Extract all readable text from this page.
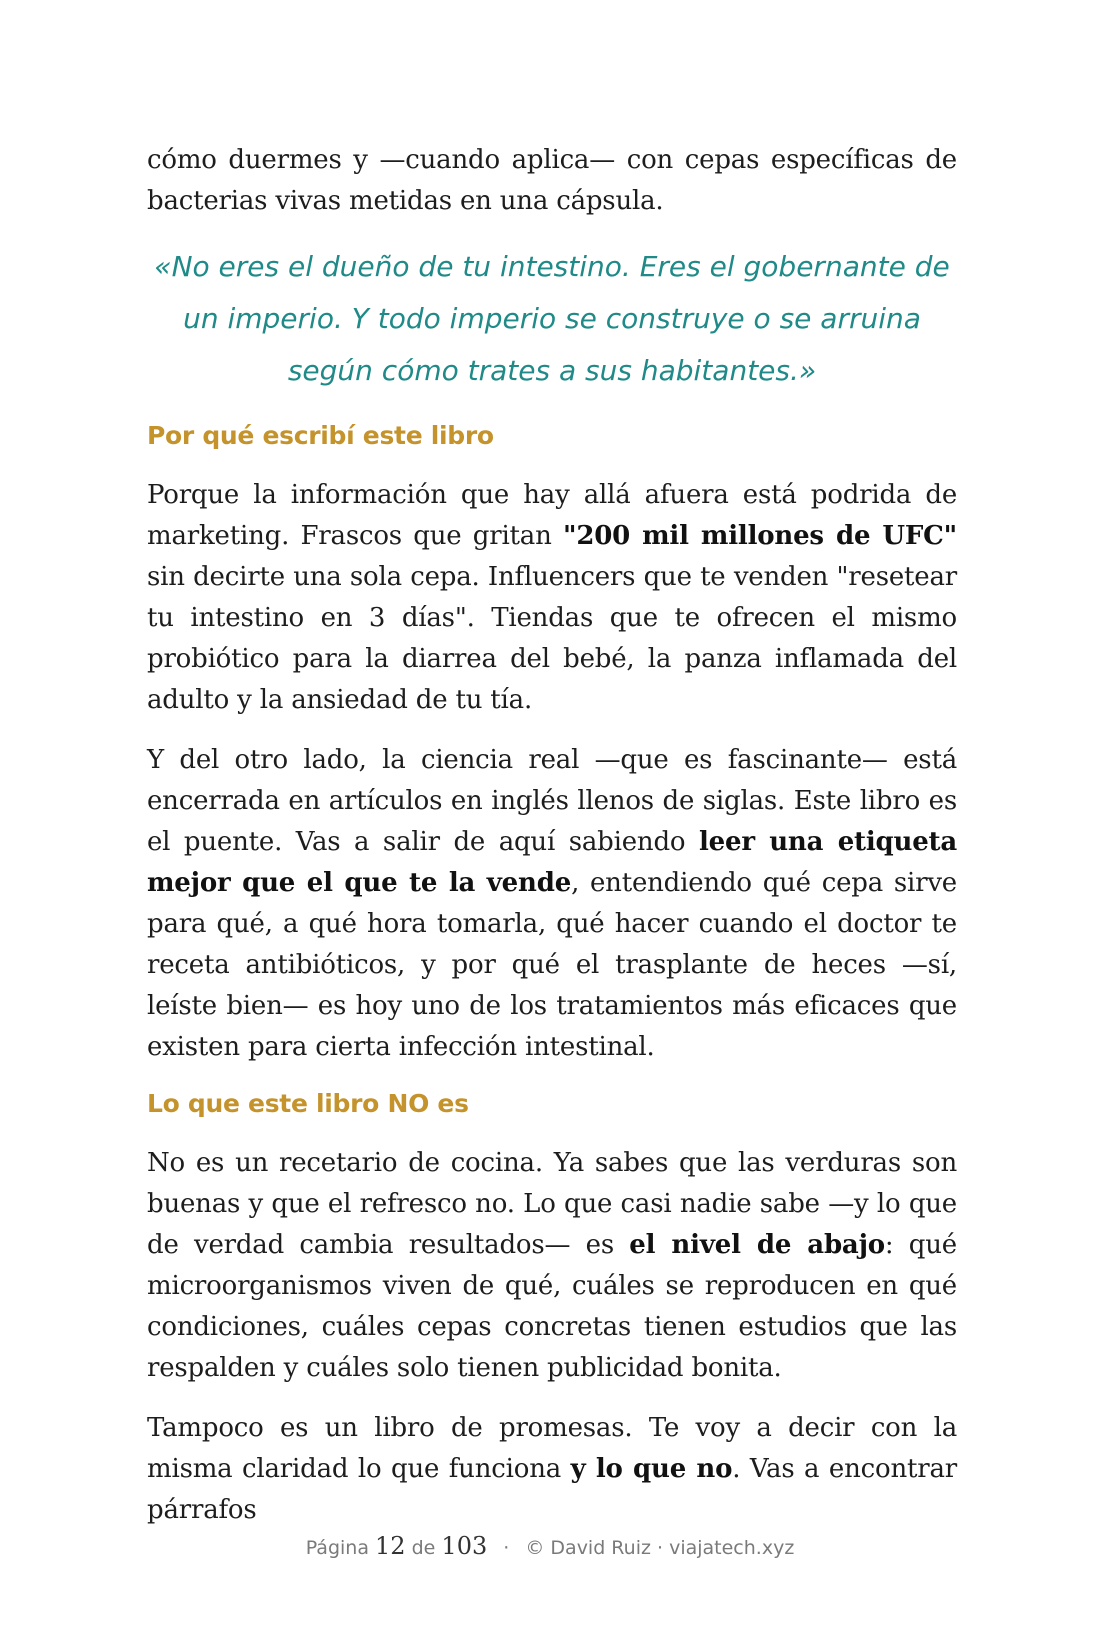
cómo duermes y —cuando aplica— con cepas específicas de bacterias vivas metidas en una cápsula.

«No eres el dueño de tu intestino. Eres el gobernante de un imperio. Y todo imperio se construye o se arruina según cómo trates a sus habitantes.»
Por qué escribí este libro

Porque la información que hay allá afuera está podrida de marketing. Frascos que gritan "200 mil millones de UFC" sin decirte una sola cepa. Influencers que te venden "resetear tu intestino en 3 días". Tiendas que te ofrecen el mismo probiótico para la diarrea del bebé, la panza inflamada del adulto y la ansiedad de tu tía.

Y del otro lado, la ciencia real —que es fascinante— está encerrada en artículos en inglés llenos de siglas. Este libro es el puente. Vas a salir de aquí sabiendo leer una etiqueta mejor que el que te la vende, entendiendo qué cepa sirve para qué, a qué hora tomarla, qué hacer cuando el doctor te receta antibióticos, y por qué el trasplante de heces —sí, leíste bien— es hoy uno de los tratamientos más eficaces que existen para cierta infección intestinal.

Lo que este libro NO es

No es un recetario de cocina. Ya sabes que las verduras son buenas y que el refresco no. Lo que casi nadie sabe —y lo que de verdad cambia resultados— es el nivel de abajo: qué microorganismos viven de qué, cuáles se reproducen en qué condiciones, cuáles cepas concretas tienen estudios que las respalden y cuáles solo tienen publicidad bonita.

Tampoco es un libro de promesas. Te voy a decir con la misma claridad lo que funciona y lo que no. Vas a encontrar párrafos

Página 12 de 103 · © David Ruiz · viajatech.xyz
